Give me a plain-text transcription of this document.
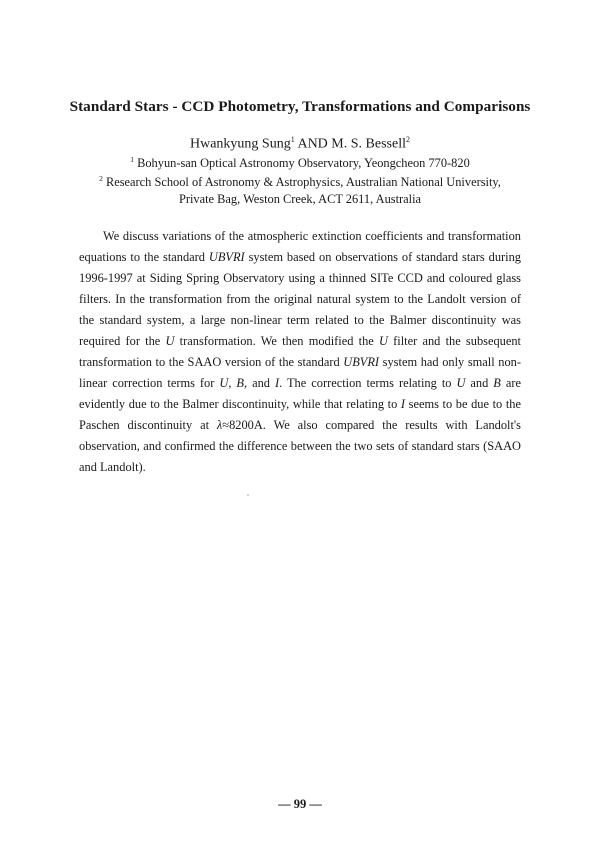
Standard Stars - CCD Photometry, Transformations and Comparisons
Hwankyung Sung$^1$ AND M. S. Bessell$^2$
$^1$ Bohyun-san Optical Astronomy Observatory, Yeongcheon 770-820
$^2$ Research School of Astronomy & Astrophysics, Australian National University,
Private Bag, Weston Creek, ACT 2611, Australia

We discuss variations of the atmospheric extinction coefficients and transformation equations to the standard UBVRI system based on observations of standard stars during 1996-1997 at Siding Spring Observatory using a thinned SITe CCD and coloured glass filters. In the transformation from the original natural system to the Landolt version of the standard system, a large non-linear term related to the Balmer discontinuity was required for the U transformation. We then modified the U filter and the subsequent transformation to the SAAO version of the standard UBVRI system had only small non-linear correction terms for U, B, and I. The correction terms relating to U and B are evidently due to the Balmer discontinuity, while that relating to I seems to be due to the Paschen discontinuity at λ≈8200A. We also compared the results with Landolt's observation, and confirmed the difference between the two sets of standard stars (SAAO and Landolt).

— 99 —
